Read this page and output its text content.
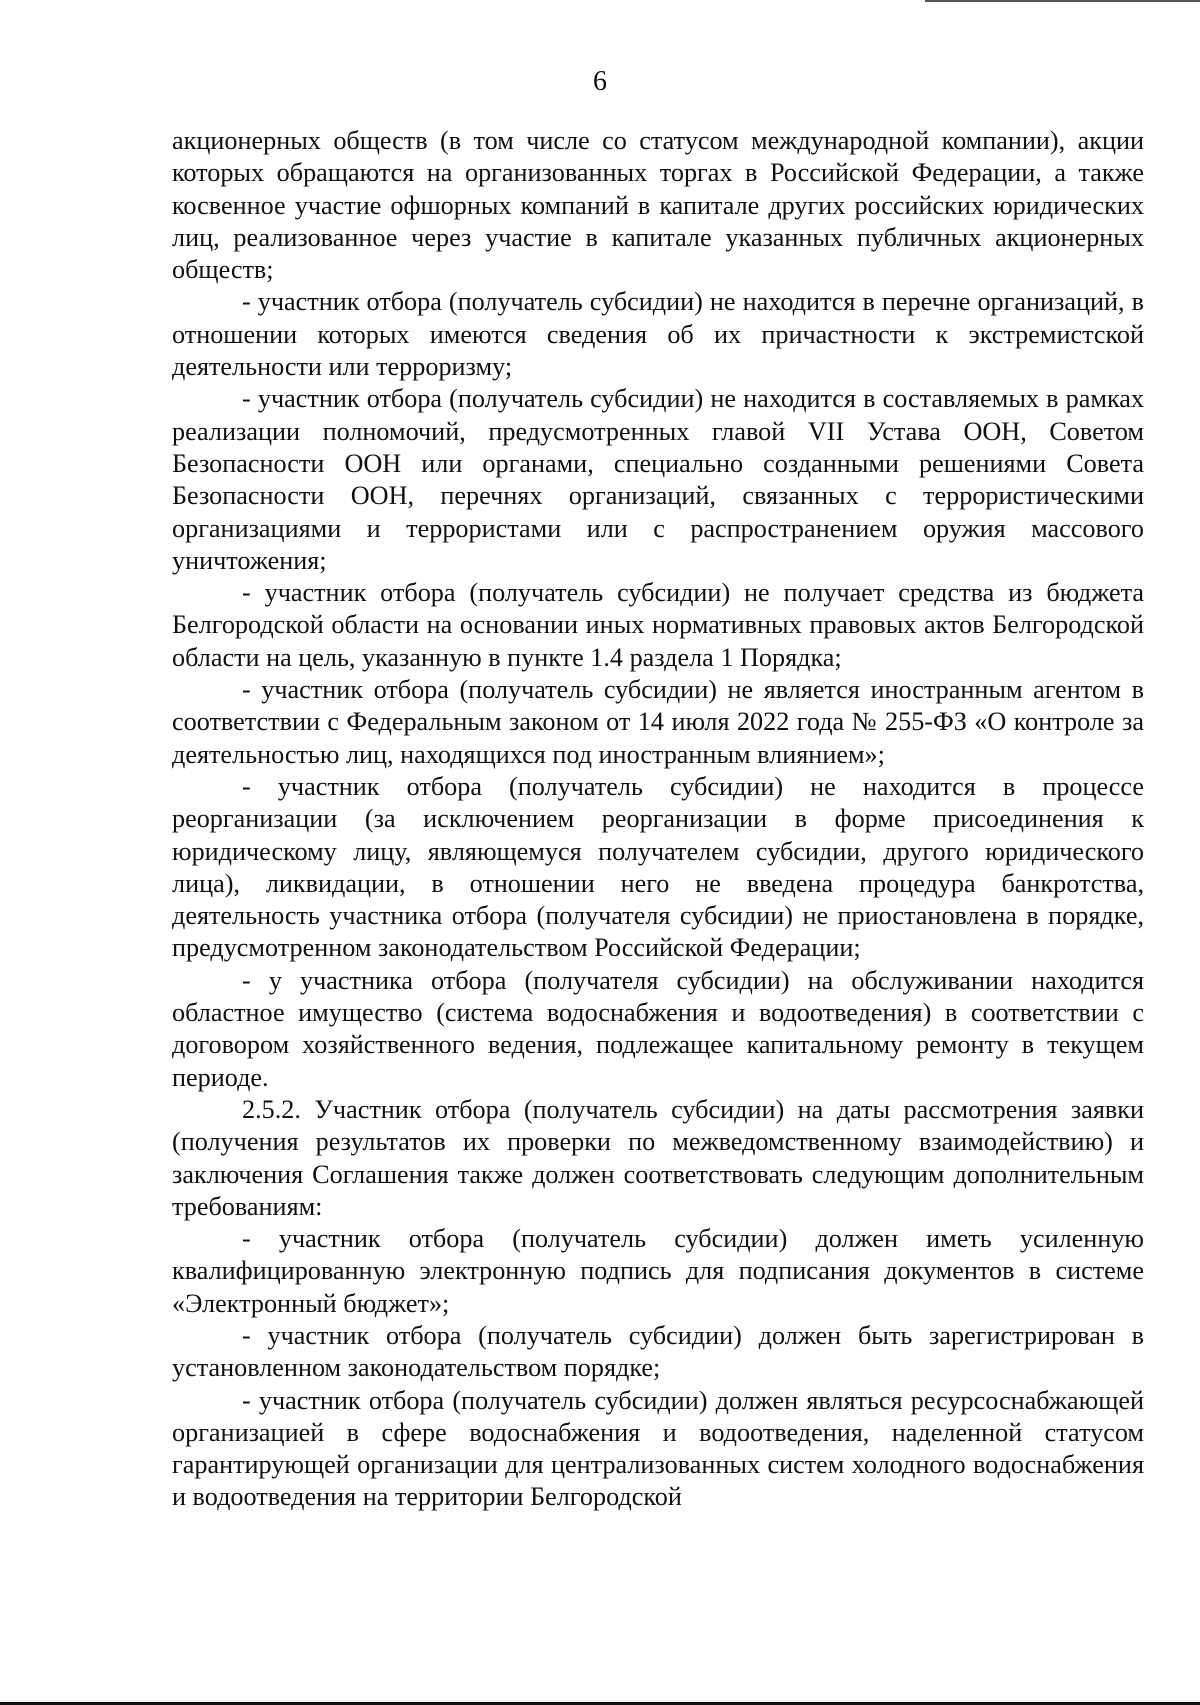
6

акционерных обществ (в том числе со статусом международной компании), акции которых обращаются на организованных торгах в Российской Федерации, а также косвенное участие офшорных компаний в капитале других российских юридических лиц, реализованное через участие в капитале указанных публичных акционерных обществ;

- участник отбора (получатель субсидии) не находится в перечне организаций, в отношении которых имеются сведения об их причастности к экстремистской деятельности или терроризму;

- участник отбора (получатель субсидии) не находится в составляемых в рамках реализации полномочий, предусмотренных главой VII Устава ООН, Советом Безопасности ООН или органами, специально созданными решениями Совета Безопасности ООН, перечнях организаций, связанных с террористическими организациями и террористами или с распространением оружия массового уничтожения;

- участник отбора (получатель субсидии) не получает средства из бюджета Белгородской области на основании иных нормативных правовых актов Белгородской области на цель, указанную в пункте 1.4 раздела 1 Порядка;

- участник отбора (получатель субсидии) не является иностранным агентом в соответствии с Федеральным законом от 14 июля 2022 года № 255-ФЗ «О контроле за деятельностью лиц, находящихся под иностранным влиянием»;

- участник отбора (получатель субсидии) не находится в процессе реорганизации (за исключением реорганизации в форме присоединения к юридическому лицу, являющемуся получателем субсидии, другого юридического лица), ликвидации, в отношении него не введена процедура банкротства, деятельность участника отбора (получателя субсидии) не приостановлена в порядке, предусмотренном законодательством Российской Федерации;

- у участника отбора (получателя субсидии) на обслуживании находится областное имущество (система водоснабжения и водоотведения) в соответствии с договором хозяйственного ведения, подлежащее капитальному ремонту в текущем периоде.

2.5.2. Участник отбора (получатель субсидии) на даты рассмотрения заявки (получения результатов их проверки по межведомственному взаимодействию) и заключения Соглашения также должен соответствовать следующим дополнительным требованиям:

- участник отбора (получатель субсидии) должен иметь усиленную квалифицированную электронную подпись для подписания документов в системе «Электронный бюджет»;

- участник отбора (получатель субсидии) должен быть зарегистрирован в установленном законодательством порядке;

- участник отбора (получатель субсидии) должен являться ресурсоснабжающей организацией в сфере водоснабжения и водоотведения, наделенной статусом гарантирующей организации для централизованных систем холодного водоснабжения и водоотведения на территории Белгородской
